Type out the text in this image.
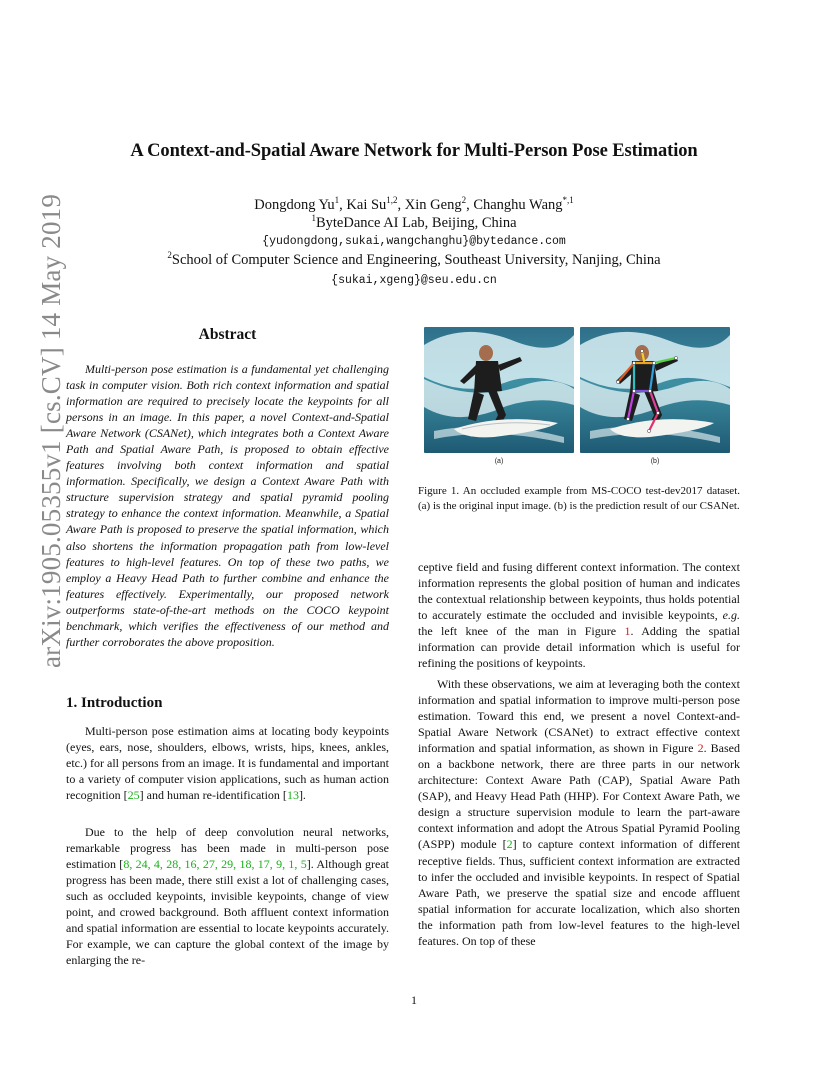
arXiv:1905.05355v1 [cs.CV] 14 May 2019
A Context-and-Spatial Aware Network for Multi-Person Pose Estimation
Dongdong Yu$^1$, Kai Su$^{1,2}$, Xin Geng$^2$, Changhu Wang$^{*,1}$
$^1$ByteDance AI Lab, Beijing, China
{yudongdong,sukai,wangchanghu}@bytedance.com
$^2$School of Computer Science and Engineering, Southeast University, Nanjing, China
{sukai,xgeng}@seu.edu.cn
Abstract

Multi-person pose estimation is a fundamental yet challenging task in computer vision. Both rich context information and spatial information are required to precisely locate the keypoints for all persons in an image. In this paper, a novel Context-and-Spatial Aware Network (CSANet), which integrates both a Context Aware Path and Spatial Aware Path, is proposed to obtain effective features involving both context information and spatial information. Specifically, we design a Context Aware Path with structure supervision strategy and spatial pyramid pooling strategy to enhance the context information. Meanwhile, a Spatial Aware Path is proposed to preserve the spatial information, which also shortens the information propagation path from low-level features to high-level features. On top of these two paths, we employ a Heavy Head Path to further combine and enhance the features effectively. Experimentally, our proposed network outperforms state-of-the-art methods on the COCO keypoint benchmark, which verifies the effectiveness of our method and further corroborates the above proposition.

1. Introduction

Multi-person pose estimation aims at locating body keypoints (eyes, ears, nose, shoulders, elbows, wrists, hips, knees, ankles, etc.) for all persons from an image. It is fundamental and important to a variety of computer vision applications, such as human action recognition [25] and human re-identification [13].

Due to the help of deep convolution neural networks, remarkable progress has been made in multi-person pose estimation [8, 24, 4, 28, 16, 27, 29, 18, 17, 9, 1, 5]. Although great progress has been made, there still exist a lot of challenging cases, such as occluded keypoints, invisible keypoints, change of view point, and crowed background. Both affluent context information and spatial information are essential to locate keypoints accurately. For example, we can capture the global context of the image by enlarging the re-

(a)	(b)

Figure 1. An occluded example from MS-COCO test-dev2017 dataset. (a) is the original input image. (b) is the prediction result of our CSANet.

ceptive field and fusing different context information. The context information represents the global position of human and indicates the contextual relationship between keypoints, thus holds potential to accurately estimate the occluded and invisible keypoints, e.g. the left knee of the man in Figure 1. Adding the spatial information can provide detail information which is useful for refining the positions of keypoints.

With these observations, we aim at leveraging both the context information and spatial information to improve multi-person pose estimation. Toward this end, we present a novel Context-and-Spatial Aware Network (CSANet) to extract effective context information and spatial information, as shown in Figure 2. Based on a backbone network, there are three parts in our network architecture: Context Aware Path (CAP), Spatial Aware Path (SAP), and Heavy Head Path (HHP). For Context Aware Path, we design a structure supervision module to learn the part-aware context information and adopt the Atrous Spatial Pyramid Pooling (ASPP) module [2] to capture context information of different receptive fields. Thus, sufficient context information are extracted to infer the occluded and invisible keypoints. In respect of Spatial Aware Path, we preserve the spatial size and encode affluent spatial information for accurate localization, which also shorten the information path from low-level features to the high-level features. On top of these

1
